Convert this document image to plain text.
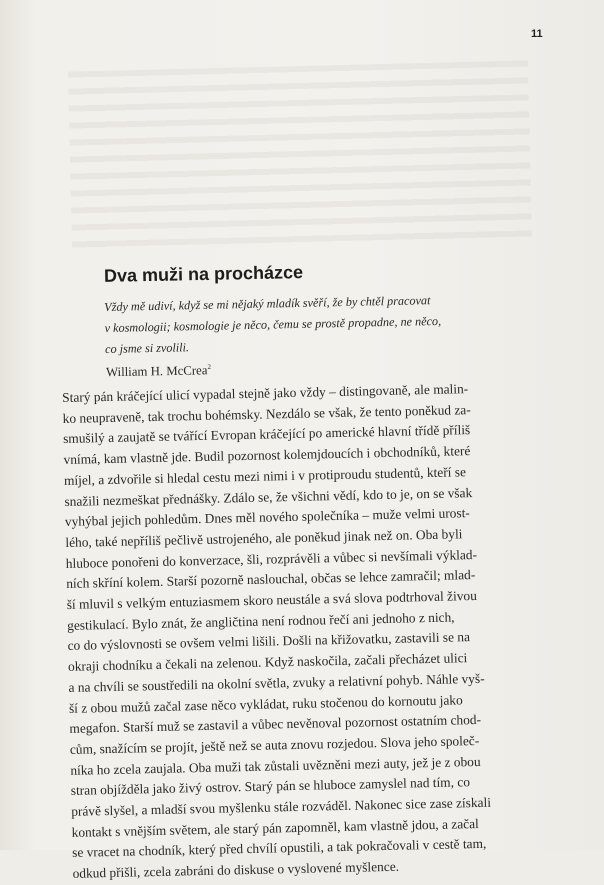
11
Dva muži na procházce
Vždy mě udiví, když se mi nějaký mladík svěří, že by chtěl pracovat
v kosmologii; kosmologie je něco, čemu se prostě propadne, ne něco,
co jsme si zvolili.
William H. McCrea$^2$
Starý pán kráčející ulicí vypadal stejně jako vždy – distingovaně, ale malin-
ko neupraveně, tak trochu bohémsky. Nezdálo se však, že tento poněkud za-
smušilý a zaujatě se tvářící Evropan kráčející po americké hlavní třídě příliš
vnímá, kam vlastně jde. Budil pozornost kolemjdoucích i obchodníků, které
míjel, a zdvořile si hledal cestu mezi nimi i v protiproudu studentů, kteří se
snažili nezmeškat přednášky. Zdálo se, že všichni vědí, kdo to je, on se však
vyhýbal jejich pohledům. Dnes měl nového společníka – muže velmi urost-
lého, také nepříliš pečlivě ustrojeného, ale poněkud jinak než on. Oba byli
hluboce ponořeni do konverzace, šli, rozprávěli a vůbec si nevšímali výklad-
ních skříní kolem. Starší pozorně naslouchal, občas se lehce zamračil; mlad-
ší mluvil s velkým entuziasmem skoro neustále a svá slova podtrhoval živou
gestikulací. Bylo znát, že angličtina není rodnou řečí ani jednoho z nich,
co do výslovnosti se ovšem velmi lišili. Došli na křižovatku, zastavili se na
okraji chodníku a čekali na zelenou. Když naskočila, začali přecházet ulici
a na chvíli se soustředili na okolní světla, zvuky a relativní pohyb. Náhle vyš-
ší z obou mužů začal zase něco vykládat, ruku stočenou do kornoutu jako
megafon. Starší muž se zastavil a vůbec nevěnoval pozornost ostatním chod-
cům, snažícím se projít, ještě než se auta znovu rozjedou. Slova jeho společ-
níka ho zcela zaujala. Oba muži tak zůstali uvězněni mezi auty, jež je z obou
stran objížděla jako živý ostrov. Starý pán se hluboce zamyslel nad tím, co
právě slyšel, a mladší svou myšlenku stále rozváděl. Nakonec sice zase získali
kontakt s vnějším světem, ale starý pán zapomněl, kam vlastně jdou, a začal
se vracet na chodník, který před chvílí opustili, a tak pokračovali v cestě tam,
odkud přišli, zcela zabráni do diskuse o vyslovené myšlence.
